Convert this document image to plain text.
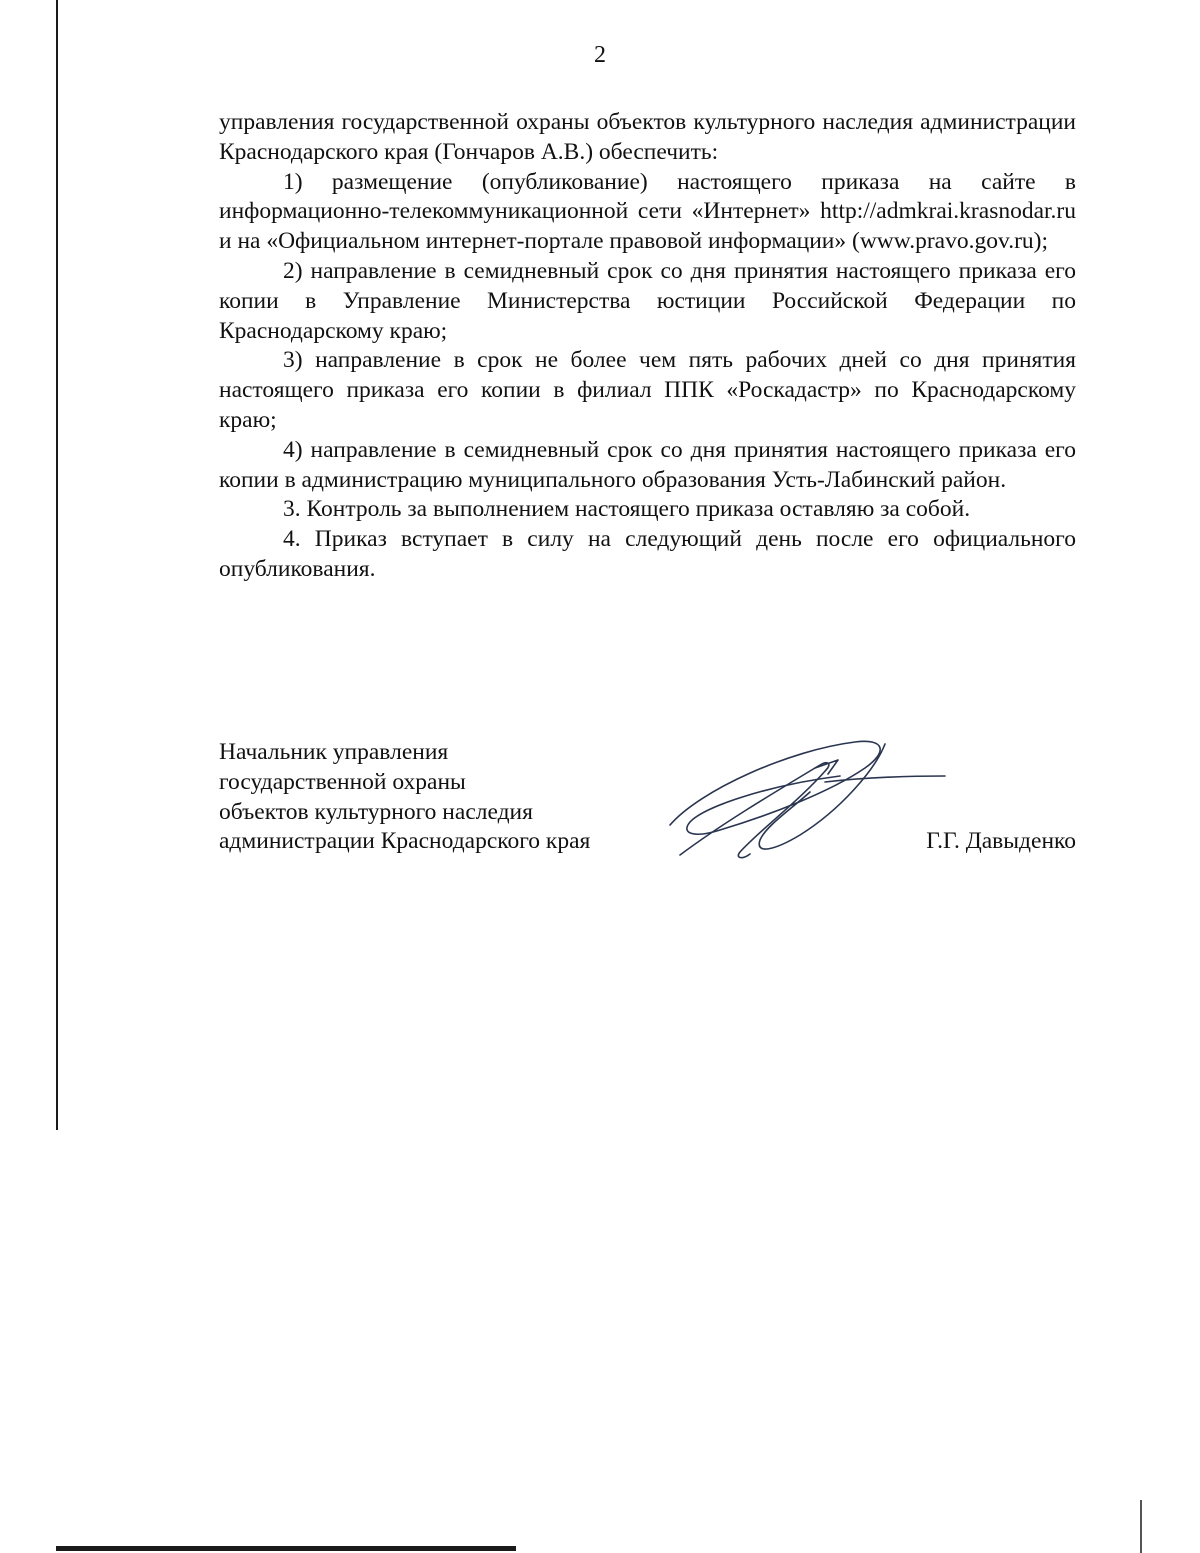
2

управления государственной охраны объектов культурного наследия администрации Краснодарского края (Гончаров А.В.) обеспечить:

1) размещение (опубликование) настоящего приказа на сайте в информационно-телекоммуникационной сети «Интернет» http://admkrai.krasnodar.ru и на «Официальном интернет-портале правовой информации» (www.pravo.gov.ru);

2) направление в семидневный срок со дня принятия настоящего приказа его копии в Управление Министерства юстиции Российской Федерации по Краснодарскому краю;

3) направление в срок не более чем пять рабочих дней со дня принятия настоящего приказа его копии в филиал ППК «Роскадастр» по Краснодарскому краю;

4) направление в семидневный срок со дня принятия настоящего приказа его копии в администрацию муниципального образования Усть-Лабинский район.

3. Контроль за выполнением настоящего приказа оставляю за собой.

4. Приказ вступает в силу на следующий день после его официального опубликования.

Начальник управления
государственной охраны
объектов культурного наследия
администрации Краснодарского края	Г.Г. Давыденко
